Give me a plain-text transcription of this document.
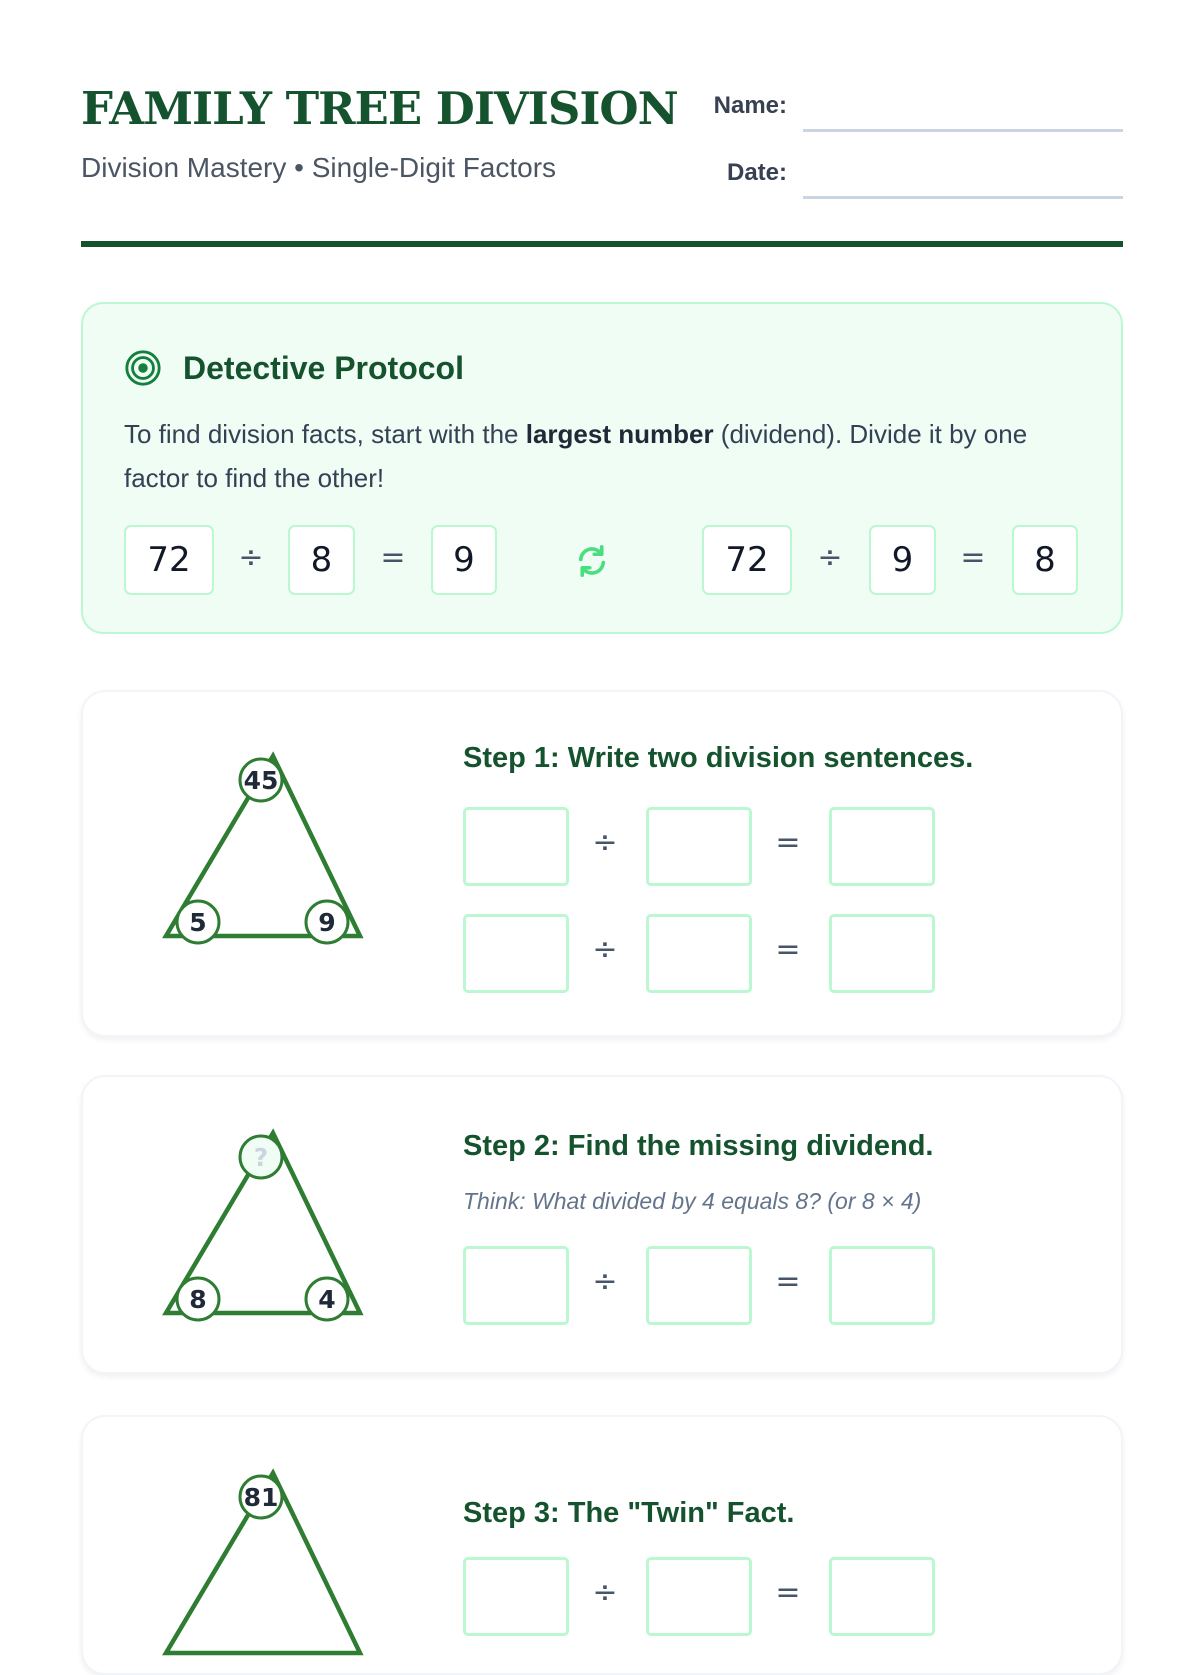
FAMILY TREE DIVISION
Division Mastery • Single-Digit Factors
Name:
Date:
Detective Protocol
To find division facts, start with the largest number (dividend). Divide it by one factor to find the other!
72	÷	8	=	9	72	÷	9	=	8
45
5	9
Step 1: Write two division sentences.
÷	=
÷	=
?
8	4
Step 2: Find the missing dividend.
Think: What divided by 4 equals 8? (or 8 × 4)
÷	=
81	Step 3: The "Twin" Fact.
÷	=
